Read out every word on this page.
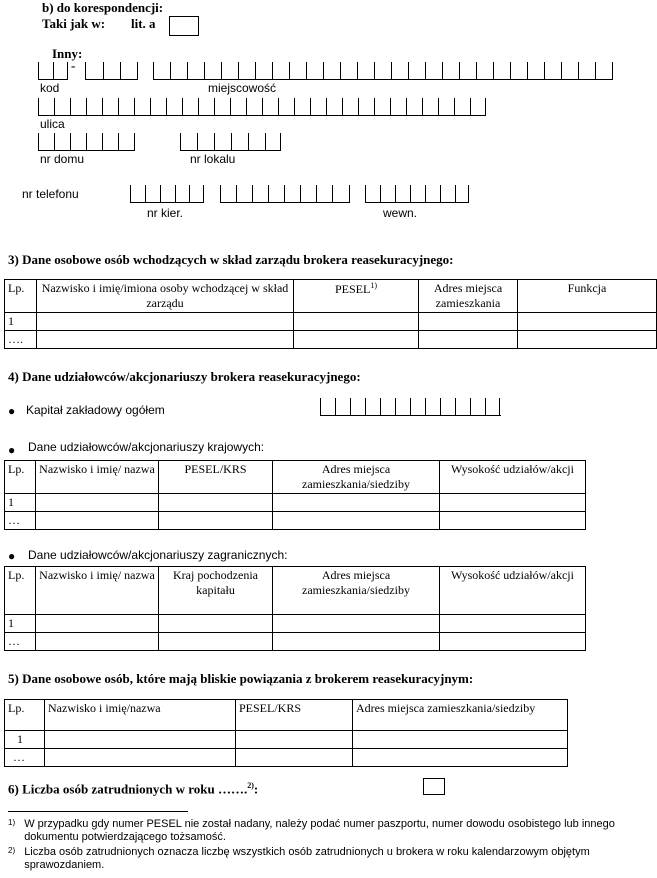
b) do korespondencji:
Taki jak w: lit. a
Inny:
-
kod	miejscowość
ulica
nr domu	nr lokalu
nr telefonu
nr kier.	wewn.
3) Dane osobowe osób wchodzących w skład zarządu brokera reasekuracyjnego:
Lp.	Nazwisko i imię/imiona osoby wchodzącej w skład zarządu	PESEL$^{1)}$	Adres miejsca zamieszkania	Funkcja
1				
….				
4) Dane udziałowców/akcjonariuszy brokera reasekuracyjnego:
● Kapitał zakładowy ogółem
● Dane udziałowców/akcjonariuszy krajowych:
Lp.	Nazwisko i imię/ nazwa	PESEL/KRS	Adres miejsca zamieszkania/siedziby	Wysokość udziałów/akcji
1				
…				
● Dane udziałowców/akcjonariuszy zagranicznych:
Lp.	Nazwisko i imię/ nazwa	Kraj pochodzenia kapitału	Adres miejsca zamieszkania/siedziby	Wysokość udziałów/akcji
1				
…				
5) Dane osobowe osób, które mają bliskie powiązania z brokerem reasekuracyjnym:
Lp.	Nazwisko i imię/nazwa	PESEL/KRS	Adres miejsca zamieszkania/siedziby
1			
…			
6) Liczba osób zatrudnionych w roku …….$^{2)}$:
$^{1)}$ W przypadku gdy numer PESEL nie został nadany, należy podać numer paszportu, numer dowodu osobistego lub innego dokumentu potwierdzającego tożsamość.
$^{2)}$ Liczba osób zatrudnionych oznacza liczbę wszystkich osób zatrudnionych u brokera w roku kalendarzowym objętym sprawozdaniem.
